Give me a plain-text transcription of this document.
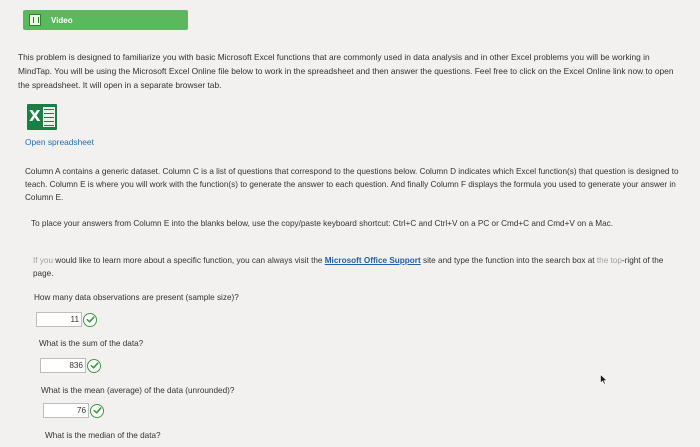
Video

This problem is designed to familiarize you with basic Microsoft Excel functions that are commonly used in data analysis and in other Excel problems you will be working in MindTap. You will be using the Microsoft Excel Online file below to work in the spreadsheet and then answer the questions. Feel free to click on the Excel Online link now to open the spreadsheet. It will open in a separate browser tab.

X
Open spreadsheet

Column A contains a generic dataset. Column C is a list of questions that correspond to the questions below. Column D indicates which Excel function(s) that question is designed to teach. Column E is where you will work with the function(s) to generate the answer to each question. And finally Column F displays the formula you used to generate your answer in Column E.

To place your answers from Column E into the blanks below, use the copy/paste keyboard shortcut: Ctrl+C and Ctrl+V on a PC or Cmd+C and Cmd+V on a Mac.

If you would like to learn more about a specific function, you can always visit the Microsoft Office Support site and type the function into the search box at the top-right of the page.

How many data observations are present (sample size)?
11
What is the sum of the data?
836
What is the mean (average) of the data (unrounded)?
76
What is the median of the data?
